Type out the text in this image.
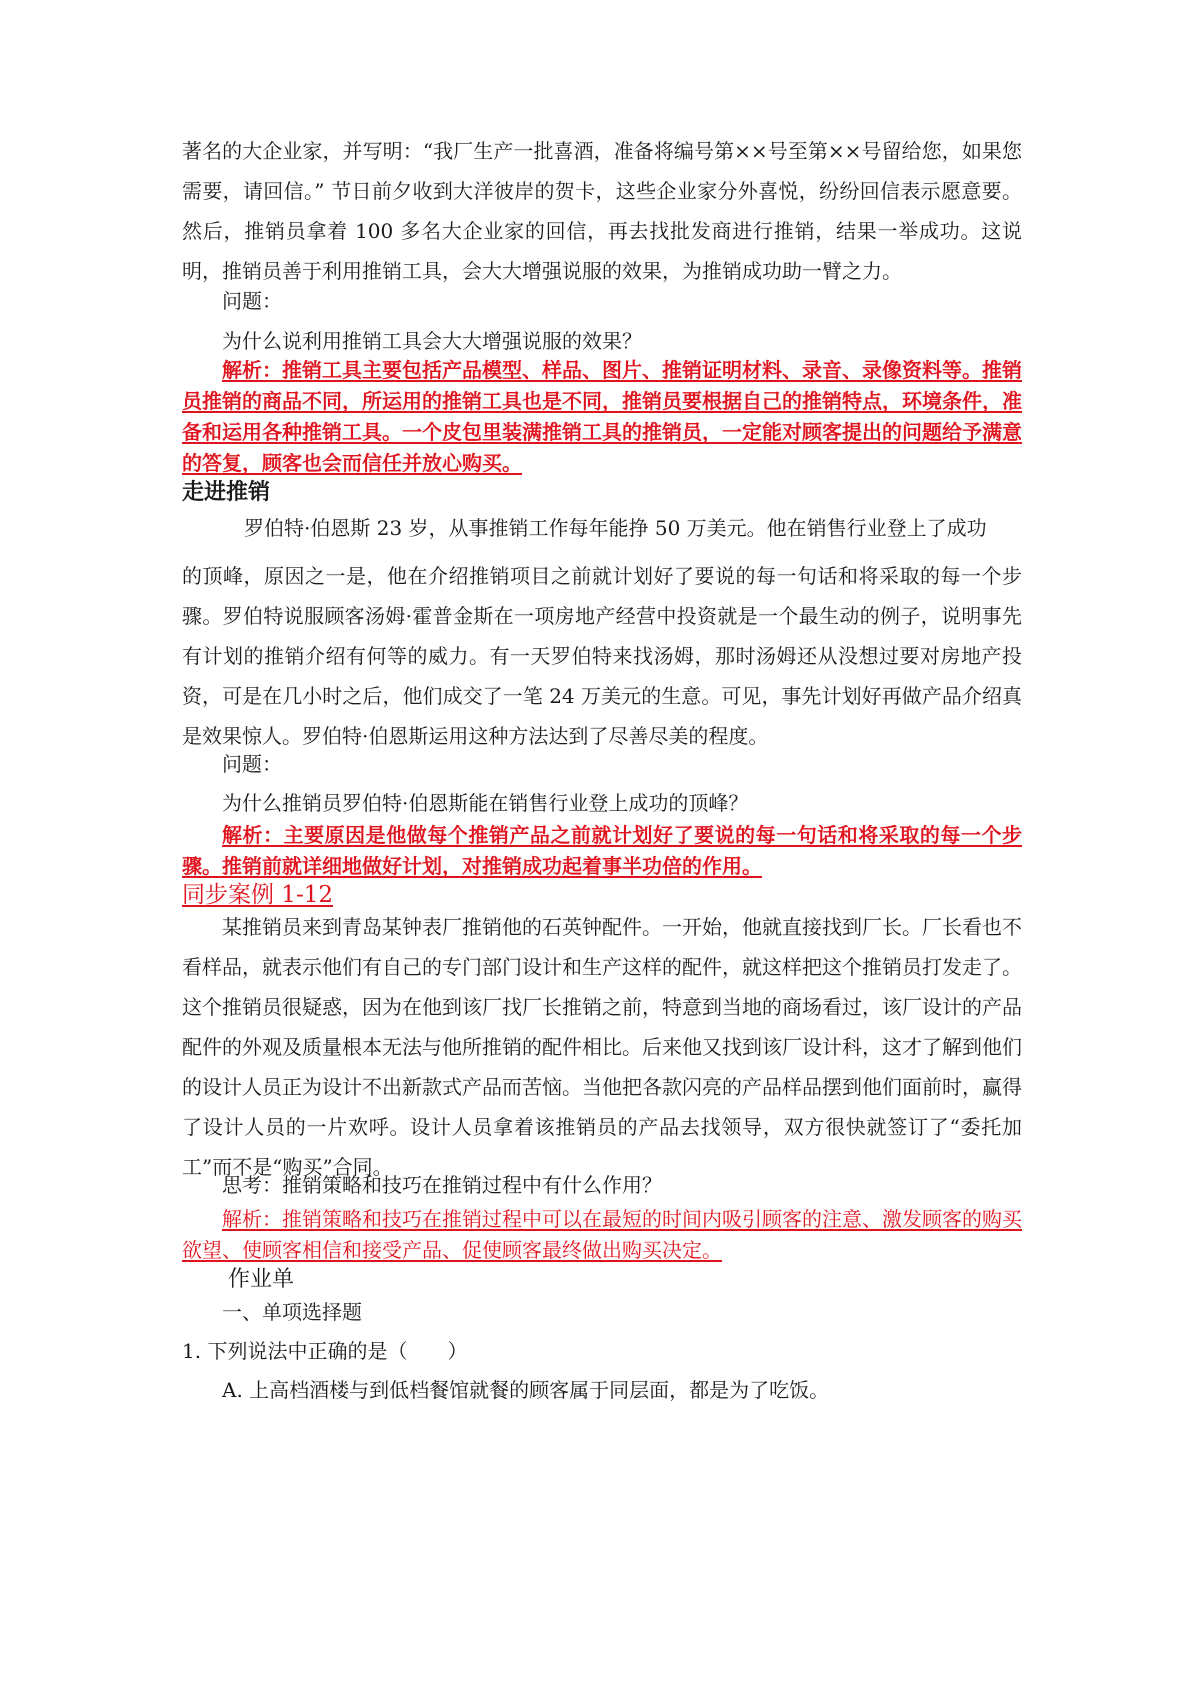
著名的大企业家，并写明：“我厂生产一批喜酒，准备将编号第××号至第××号留给您，如果您需要，请回信。” 节日前夕收到大洋彼岸的贺卡，这些企业家分外喜悦，纷纷回信表示愿意要。然后，推销员拿着 100 多名大企业家的回信，再去找批发商进行推销，结果一举成功。这说明，推销员善于利用推销工具，会大大增强说服的效果，为推销成功助一臂之力。
问题：
为什么说利用推销工具会大大增强说服的效果？
解析：推销工具主要包括产品模型、样品、图片、推销证明材料、录音、录像资料等。推销员推销的商品不同，所运用的推销工具也是不同，推销员要根据自己的推销特点，环境条件，准备和运用各种推销工具。一个皮包里装满推销工具的推销员，一定能对顾客提出的问题给予满意的答复，顾客也会而信任并放心购买。
走进推销
罗伯特·伯恩斯 23 岁，从事推销工作每年能挣 50 万美元。他在销售行业登上了成功
的顶峰，原因之一是，他在介绍推销项目之前就计划好了要说的每一句话和将采取的每一个步骤。罗伯特说服顾客汤姆·霍普金斯在一项房地产经营中投资就是一个最生动的例子，说明事先有计划的推销介绍有何等的威力。有一天罗伯特来找汤姆，那时汤姆还从没想过要对房地产投资，可是在几小时之后，他们成交了一笔 24 万美元的生意。可见，事先计划好再做产品介绍真是效果惊人。罗伯特·伯恩斯运用这种方法达到了尽善尽美的程度。
问题：
为什么推销员罗伯特·伯恩斯能在销售行业登上成功的顶峰？
解析：主要原因是他做每个推销产品之前就计划好了要说的每一句话和将采取的每一个步骤。推销前就详细地做好计划，对推销成功起着事半功倍的作用。
同步案例 1-12
某推销员来到青岛某钟表厂推销他的石英钟配件。一开始，他就直接找到厂长。厂长看也不看样品，就表示他们有自己的专门部门设计和生产这样的配件，就这样把这个推销员打发走了。这个推销员很疑惑，因为在他到该厂找厂长推销之前，特意到当地的商场看过，该厂设计的产品配件的外观及质量根本无法与他所推销的配件相比。后来他又找到该厂设计科，这才了解到他们的设计人员正为设计不出新款式产品而苦恼。当他把各款闪亮的产品样品摆到他们面前时，赢得了设计人员的一片欢呼。设计人员拿着该推销员的产品去找领导，双方很快就签订了“委托加工”而不是“购买”合同。
思考：推销策略和技巧在推销过程中有什么作用？
解析：推销策略和技巧在推销过程中可以在最短的时间内吸引顾客的注意、激发顾客的购买欲望、使顾客相信和接受产品、促使顾客最终做出购买决定。
作业单
一、单项选择题
1. 下列说法中正确的是（　　）
A. 上高档酒楼与到低档餐馆就餐的顾客属于同层面，都是为了吃饭。
